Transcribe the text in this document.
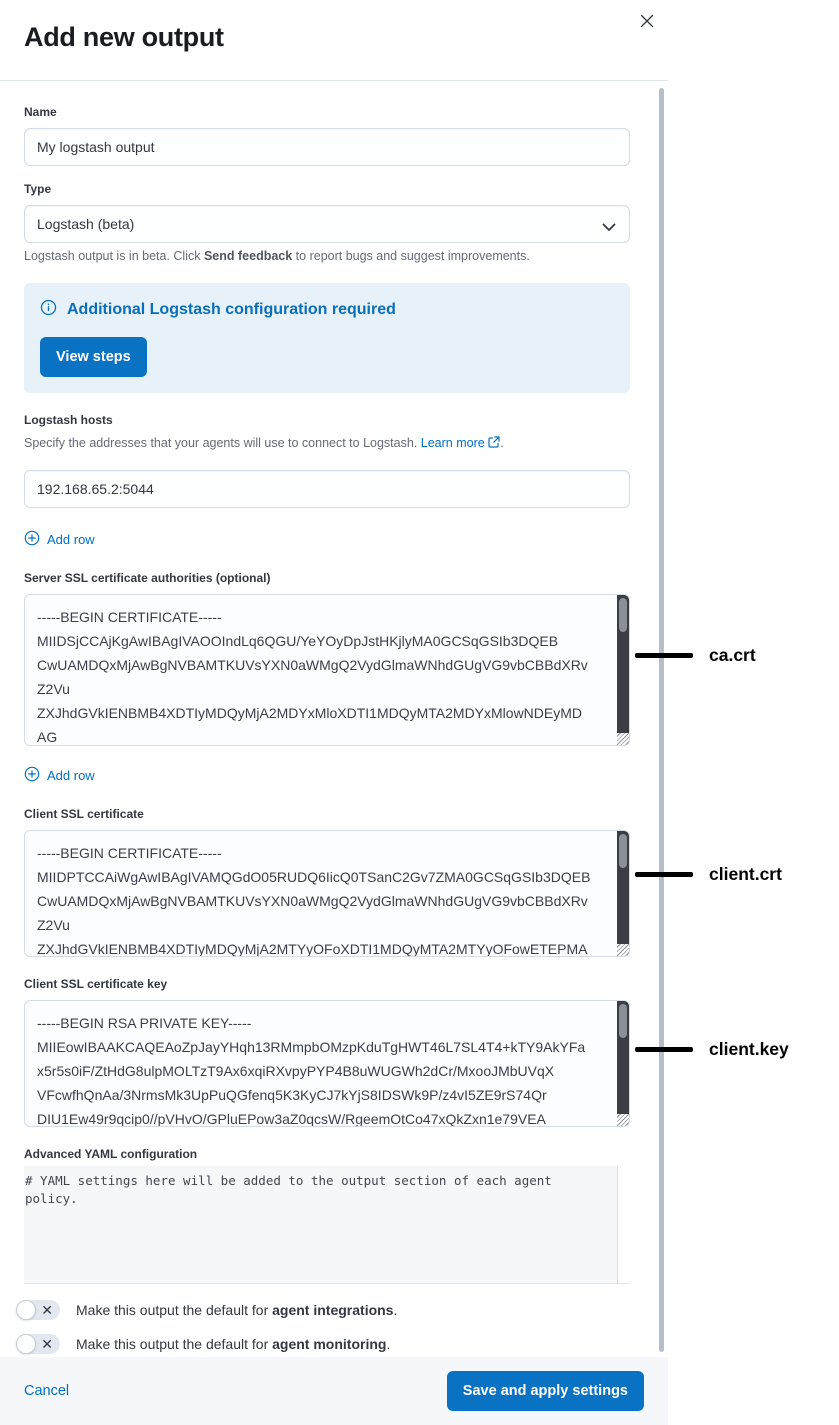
Add new output
Name
My logstash output
Type
Logstash (beta)
Logstash output is in beta. Click Send feedback to report bugs and suggest improvements.
Additional Logstash configuration required
View steps
Logstash hosts
Specify the addresses that your agents will use to connect to Logstash. Learn more .
192.168.65.2:5044
Add row
Server SSL certificate authorities (optional)
-----BEGIN CERTIFICATE----- MIIDSjCCAjKgAwIBAgIVAOOIndLq6QGU/YeYOyDpJstHKjlyMA0GCSqGSIb3DQEB CwUAMDQxMjAwBgNVBAMTKUVsYXN0aWMgQ2VydGlmaWNhdGUgVG9vbCBBdXRv Z2Vu ZXJhdGVkIENBMB4XDTIyMDQyMjA2MDYxMloXDTI1MDQyMTA2MDYxMlowNDEyMD AG A1UEAxMpRWxhc3RpYyBDZXJ0aWZpY2F0ZSBUb29sIEF1dG9nZW5lcmF0ZWQgQ0U
Add row
Client SSL certificate
-----BEGIN CERTIFICATE----- MIIDPTCCAiWgAwIBAgIVAMQGdO05RUDQ6IicQ0TSanC2Gv7ZMA0GCSqGSIb3DQEB CwUAMDQxMjAwBgNVBAMTKUVsYXN0aWMgQ2VydGlmaWNhdGUgVG9vbCBBdXRv Z2Vu ZXJhdGVkIENBMB4XDTIyMDQyMjA2MTYyOFoXDTI1MDQyMTA2MTYyOFowETEPMA 0G
Client SSL certificate key
-----BEGIN RSA PRIVATE KEY----- MIIEowIBAAKCAQEAoZpJayYHqh13RMmpbOMzpKduTgHWT46L7SL4T4+kTY9AkYFa x5r5s0iF/ZtHdG8ulpMOLTzT9Ax6xqiRXvpyPYP4B8uWUGWh2dCr/MxooJMbUVqX VFcwfhQnAa/3NrmsMk3UpPuQGfenq5K3KyCJ7kYjS8IDSWk9P/z4vI5ZE9rS74Qr DIU1Ew49r9qcip0//pVHvO/GPluEPow3aZ0qcsW/RgeemOtCo47xQkZxn1e79VEA UVYzGHokpKMvapeJii2be2ajwQI4QG7IpGvIWFzDt/jQODxD25m92SiWiqocXXDd
Advanced YAML configuration
# YAML settings here will be added to the output section of each agent policy.
✕ Make this output the default for agent integrations.
✕ Make this output the default for agent monitoring.
Cancel	Save and apply settings
ca.crt
client.crt
client.key
